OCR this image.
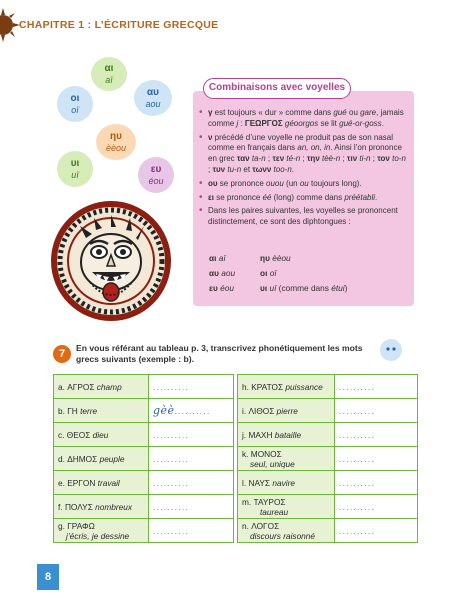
CHAPITRE 1 : L’ÉCRITURE GRECQUE
αι
aï
οι
oï
αυ
aou
ηυ
èèou
υι
uï	ευ
éou
Combinaisons avec voyelles
• γ est toujours « dur » comme dans gué ou gare, jamais comme j : ΓΕΩΡΓΟΣ géoorgos se lit gué-or-goss.
• ν précédé d’une voyelle ne produit pas de son nasal comme en français dans an, on, in. Ainsi l’on prononce en grec ταν ta-n ; τεν té-n ; την tèè-n ; τιν ti-n ; τον to-n ; τυν tu-n et τωνν too-n.
• ου se prononce ouou (un ou toujours long).
• ει se prononce éé (long) comme dans préétabli.
• Dans les paires suivantes, les voyelles se prononcent distinctement, ce sont des diphtongues :
αι aï	ηυ èèou
αυ aou	οι oï
ευ éou	υι uï (comme dans étui)
7	En vous référant au tableau p. 3, transcrivez phonétiquement les mots grecs suivants (exemple : b).
a. ΑΓΡΟΣ champ	..........
b. ΓΗ terre	gèè..........
c. ΘΕΟΣ dieu	..........
d. ΔΗΜΟΣ peuple	..........
e. ΕΡΓΟΝ travail	..........
f. ΠΟΛΥΣ nombreux	..........
g. ΓΡΑΦΩ
j’écris, je dessine	..........
h. ΚΡΑΤΟΣ puissance	..........
i. ΛΙΘΟΣ pierre	..........
j. ΜΑΧΗ bataille	..........
k. ΜΟΝΟΣ
seul, unique	..........
l. ΝΑΥΣ navire	..........
m. ΤΑΥΡΟΣ
taureau	..........
n. ΛΟΓΟΣ
discours raisonné	..........
8
